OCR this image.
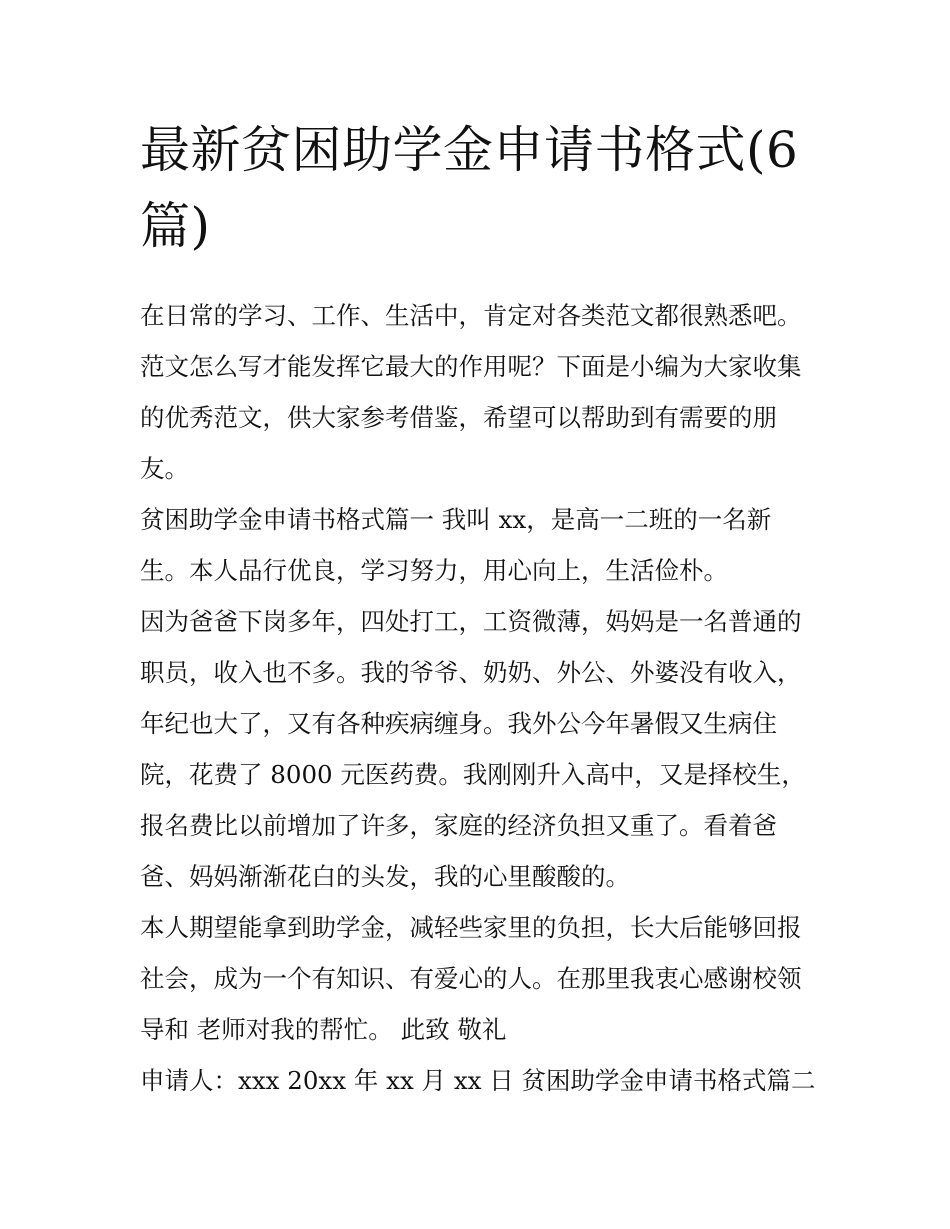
最新贫困助学金申请书格式(6
篇)

在日常的学习、工作、生活中，肯定对各类范文都很熟悉吧。
范文怎么写才能发挥它最大的作用呢？下面是小编为大家收集
的优秀范文，供大家参考借鉴，希望可以帮助到有需要的朋
友。

贫困助学金申请书格式篇一 我叫 xx，是高一二班的一名新
生。本人品行优良，学习努力，用心向上，生活俭朴。

因为爸爸下岗多年，四处打工，工资微薄，妈妈是一名普通的
职员，收入也不多。我的爷爷、奶奶、外公、外婆没有收入，
年纪也大了，又有各种疾病缠身。我外公今年暑假又生病住
院，花费了 8000 元医药费。我刚刚升入高中，又是择校生，
报名费比以前增加了许多，家庭的经济负担又重了。看着爸
爸、妈妈渐渐花白的头发，我的心里酸酸的。

本人期望能拿到助学金，减轻些家里的负担，长大后能够回报
社会，成为一个有知识、有爱心的人。在那里我衷心感谢校领
导和 老师对我的帮忙。 此致 敬礼

申请人：xxx 20xx 年 xx 月 xx 日 贫困助学金申请书格式篇二
